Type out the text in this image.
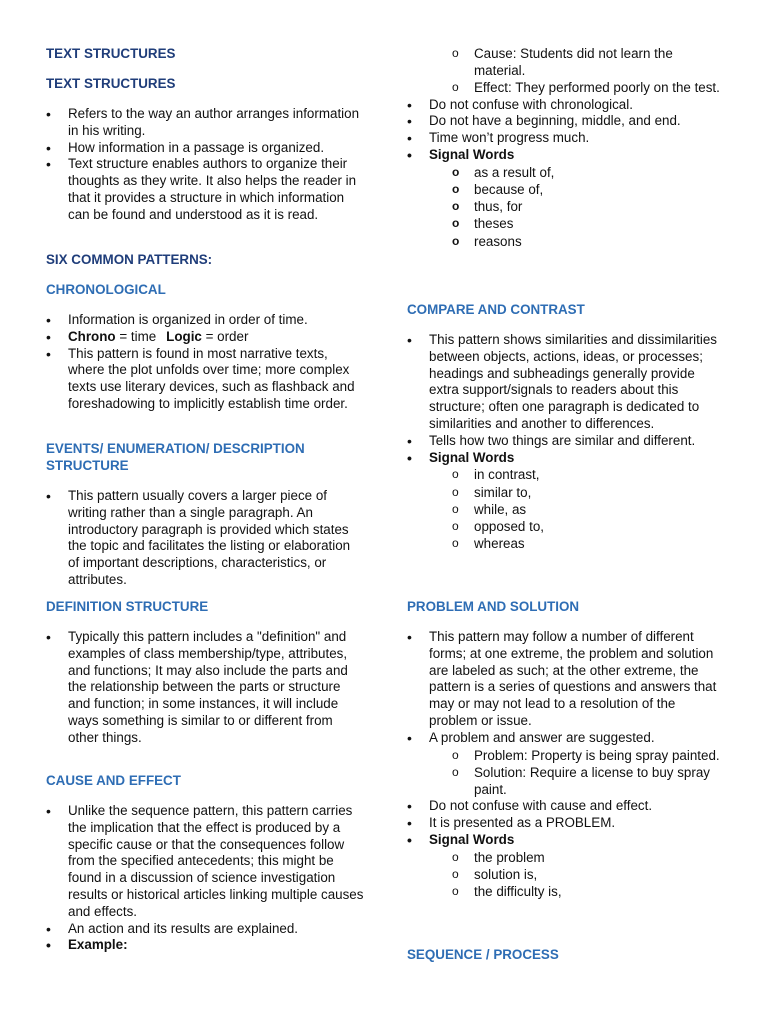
TEXT STRUCTURES
TEXT STRUCTURES
• Refers to the way an author arranges information in his writing.
• How information in a passage is organized.
• Text structure enables authors to organize their thoughts as they write. It also helps the reader in that it provides a structure in which information can be found and understood as it is read.
SIX COMMON PATTERNS:
CHRONOLOGICAL
• Information is organized in order of time.
• Chrono = time Logic = order
• This pattern is found in most narrative texts, where the plot unfolds over time; more complex texts use literary devices, such as flashback and foreshadowing to implicitly establish time order.
EVENTS/ ENUMERATION/ DESCRIPTION STRUCTURE
• This pattern usually covers a larger piece of writing rather than a single paragraph. An introductory paragraph is provided which states the topic and facilitates the listing or elaboration of important descriptions, characteristics, or attributes.
DEFINITION STRUCTURE
• Typically this pattern includes a "definition" and examples of class membership/type, attributes, and functions; It may also include the parts and the relationship between the parts or structure and function; in some instances, it will include ways something is similar to or different from other things.
CAUSE AND EFFECT
• Unlike the sequence pattern, this pattern carries the implication that the effect is produced by a specific cause or that the consequences follow from the specified antecedents; this might be found in a discussion of science investigation results or historical articles linking multiple causes and effects.
• An action and its results are explained.
• Example:
o Cause: Students did not learn the material.
o Effect: They performed poorly on the test.
• Do not confuse with chronological.
• Do not have a beginning, middle, and end.
• Time won’t progress much.
• Signal Words
o as a result of,
o because of,
o thus, for
o theses
o reasons
COMPARE AND CONTRAST
• This pattern shows similarities and dissimilarities between objects, actions, ideas, or processes; headings and subheadings generally provide extra support/signals to readers about this structure; often one paragraph is dedicated to similarities and another to differences.
• Tells how two things are similar and different.
• Signal Words
o in contrast,
o similar to,
o while, as
o opposed to,
o whereas
PROBLEM AND SOLUTION
• This pattern may follow a number of different forms; at one extreme, the problem and solution are labeled as such; at the other extreme, the pattern is a series of questions and answers that may or may not lead to a resolution of the problem or issue.
• A problem and answer are suggested.
o Problem: Property is being spray painted.
o Solution: Require a license to buy spray paint.
• Do not confuse with cause and effect.
• It is presented as a PROBLEM.
• Signal Words
o the problem
o solution is,
o the difficulty is,
SEQUENCE / PROCESS
